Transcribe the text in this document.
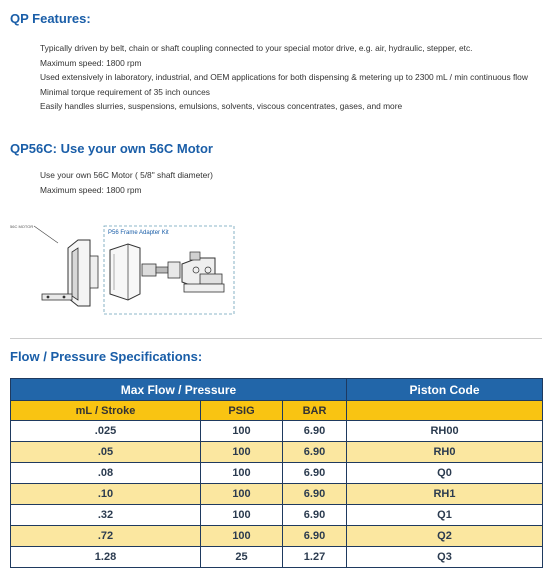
QP Features:
Typically driven by belt, chain or shaft coupling connected to your special motor drive, e.g. air, hydraulic, stepper, etc.
Maximum speed: 1800 rpm
Used extensively in laboratory, industrial, and OEM applications for both dispensing & metering up to 2300 mL / min continuous flow
Minimal torque requirement of 35 inch ounces
Easily handles slurries, suspensions, emulsions, solvents, viscous concentrates, gases, and more
QP56C: Use your own 56C Motor
Use your own 56C Motor ( 5/8" shaft diameter)
Maximum speed: 1800 rpm
56C MOTOR
P56 Frame Adapter Kit
Flow / Pressure Specifications:
Max Flow / Pressure			Piston Code
mL / Stroke	PSIG	BAR	
.025	100	6.90	RH00
.05	100	6.90	RH0
.08	100	6.90	Q0
.10	100	6.90	RH1
.32	100	6.90	Q1
.72	100	6.90	Q2
1.28	25	1.27	Q3
